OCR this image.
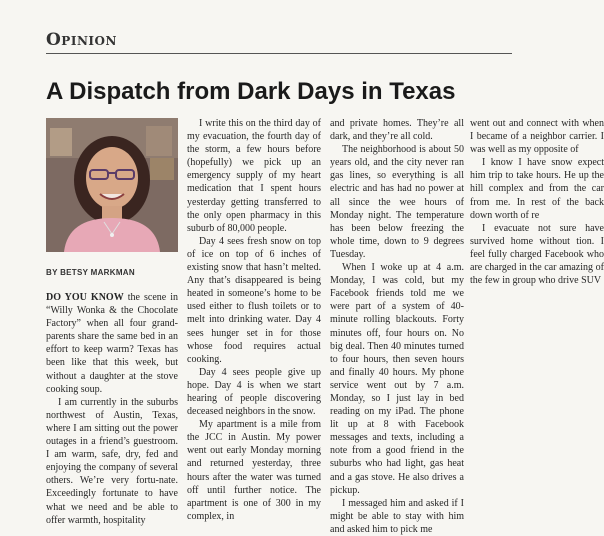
Opinion
A Dispatch from Dark Days in Texas
BY BETSY MARKMAN

DO YOU KNOW the scene in “Willy Wonka & the Chocolate Factory” when all four grand-parents share the same bed in an effort to keep warm? Texas has been like that this week, but without a daughter at the stove cooking soup.

I am currently in the suburbs northwest of Austin, Texas, where I am sitting out the power outages in a friend’s guestroom. I am warm, safe, dry, fed and enjoying the company of several others. We’re very fortu-nate. Exceedingly fortunate to have what we need and be able to offer warmth, hospitality

I write this on the third day of my evacuation, the fourth day of the storm, a few hours before (hopefully) we pick up an emergency supply of my heart medication that I spent hours yesterday getting transferred to the only open pharmacy in this suburb of 80,000 people.

Day 4 sees fresh snow on top of ice on top of 6 inches of existing snow that hasn’t melted. Any that’s disappeared is being heated in someone’s home to be used either to flush toilets or to melt into drinking water. Day 4 sees hunger set in for those whose food requires actual cooking.

Day 4 sees people give up hope. Day 4 is when we start hearing of people discovering deceased neighbors in the snow.

My apartment is a mile from the JCC in Austin. My power went out early Monday morning and returned yesterday, three hours after the water was turned off until further notice. The apartment is one of 300 in my complex, in

and private homes. They’re all dark, and they’re all cold.

The neighborhood is about 50 years old, and the city never ran gas lines, so everything is all electric and has had no power at all since the wee hours of Monday night. The temperature has been below freezing the whole time, down to 9 degrees Tuesday.

When I woke up at 4 a.m. Monday, I was cold, but my Facebook friends told me we were part of a system of 40-minute rolling blackouts. Forty minutes off, four hours on. No big deal. Then 40 minutes turned to four hours, then seven hours and finally 40 hours. My phone service went out by 7 a.m. Monday, so I just lay in bed reading on my iPad. The phone lit up at 8 with Facebook messages and texts, including a note from a good friend in the suburbs who had light, gas heat and a gas stove. He also drives a pickup.

I messaged him and asked if I might be able to stay with him and asked him to pick me

went out and connect with when I became of a neighbor carrier. I was well as my opposite of

I know I have snow expect him trip to take hours. He up the hill complex and from the car from me. In rest of the back down worth of re

I evacuate not sure have survived home without tion. I feel fully charged Facebook who are charged in the car amazing of the few in group who drive SUV
